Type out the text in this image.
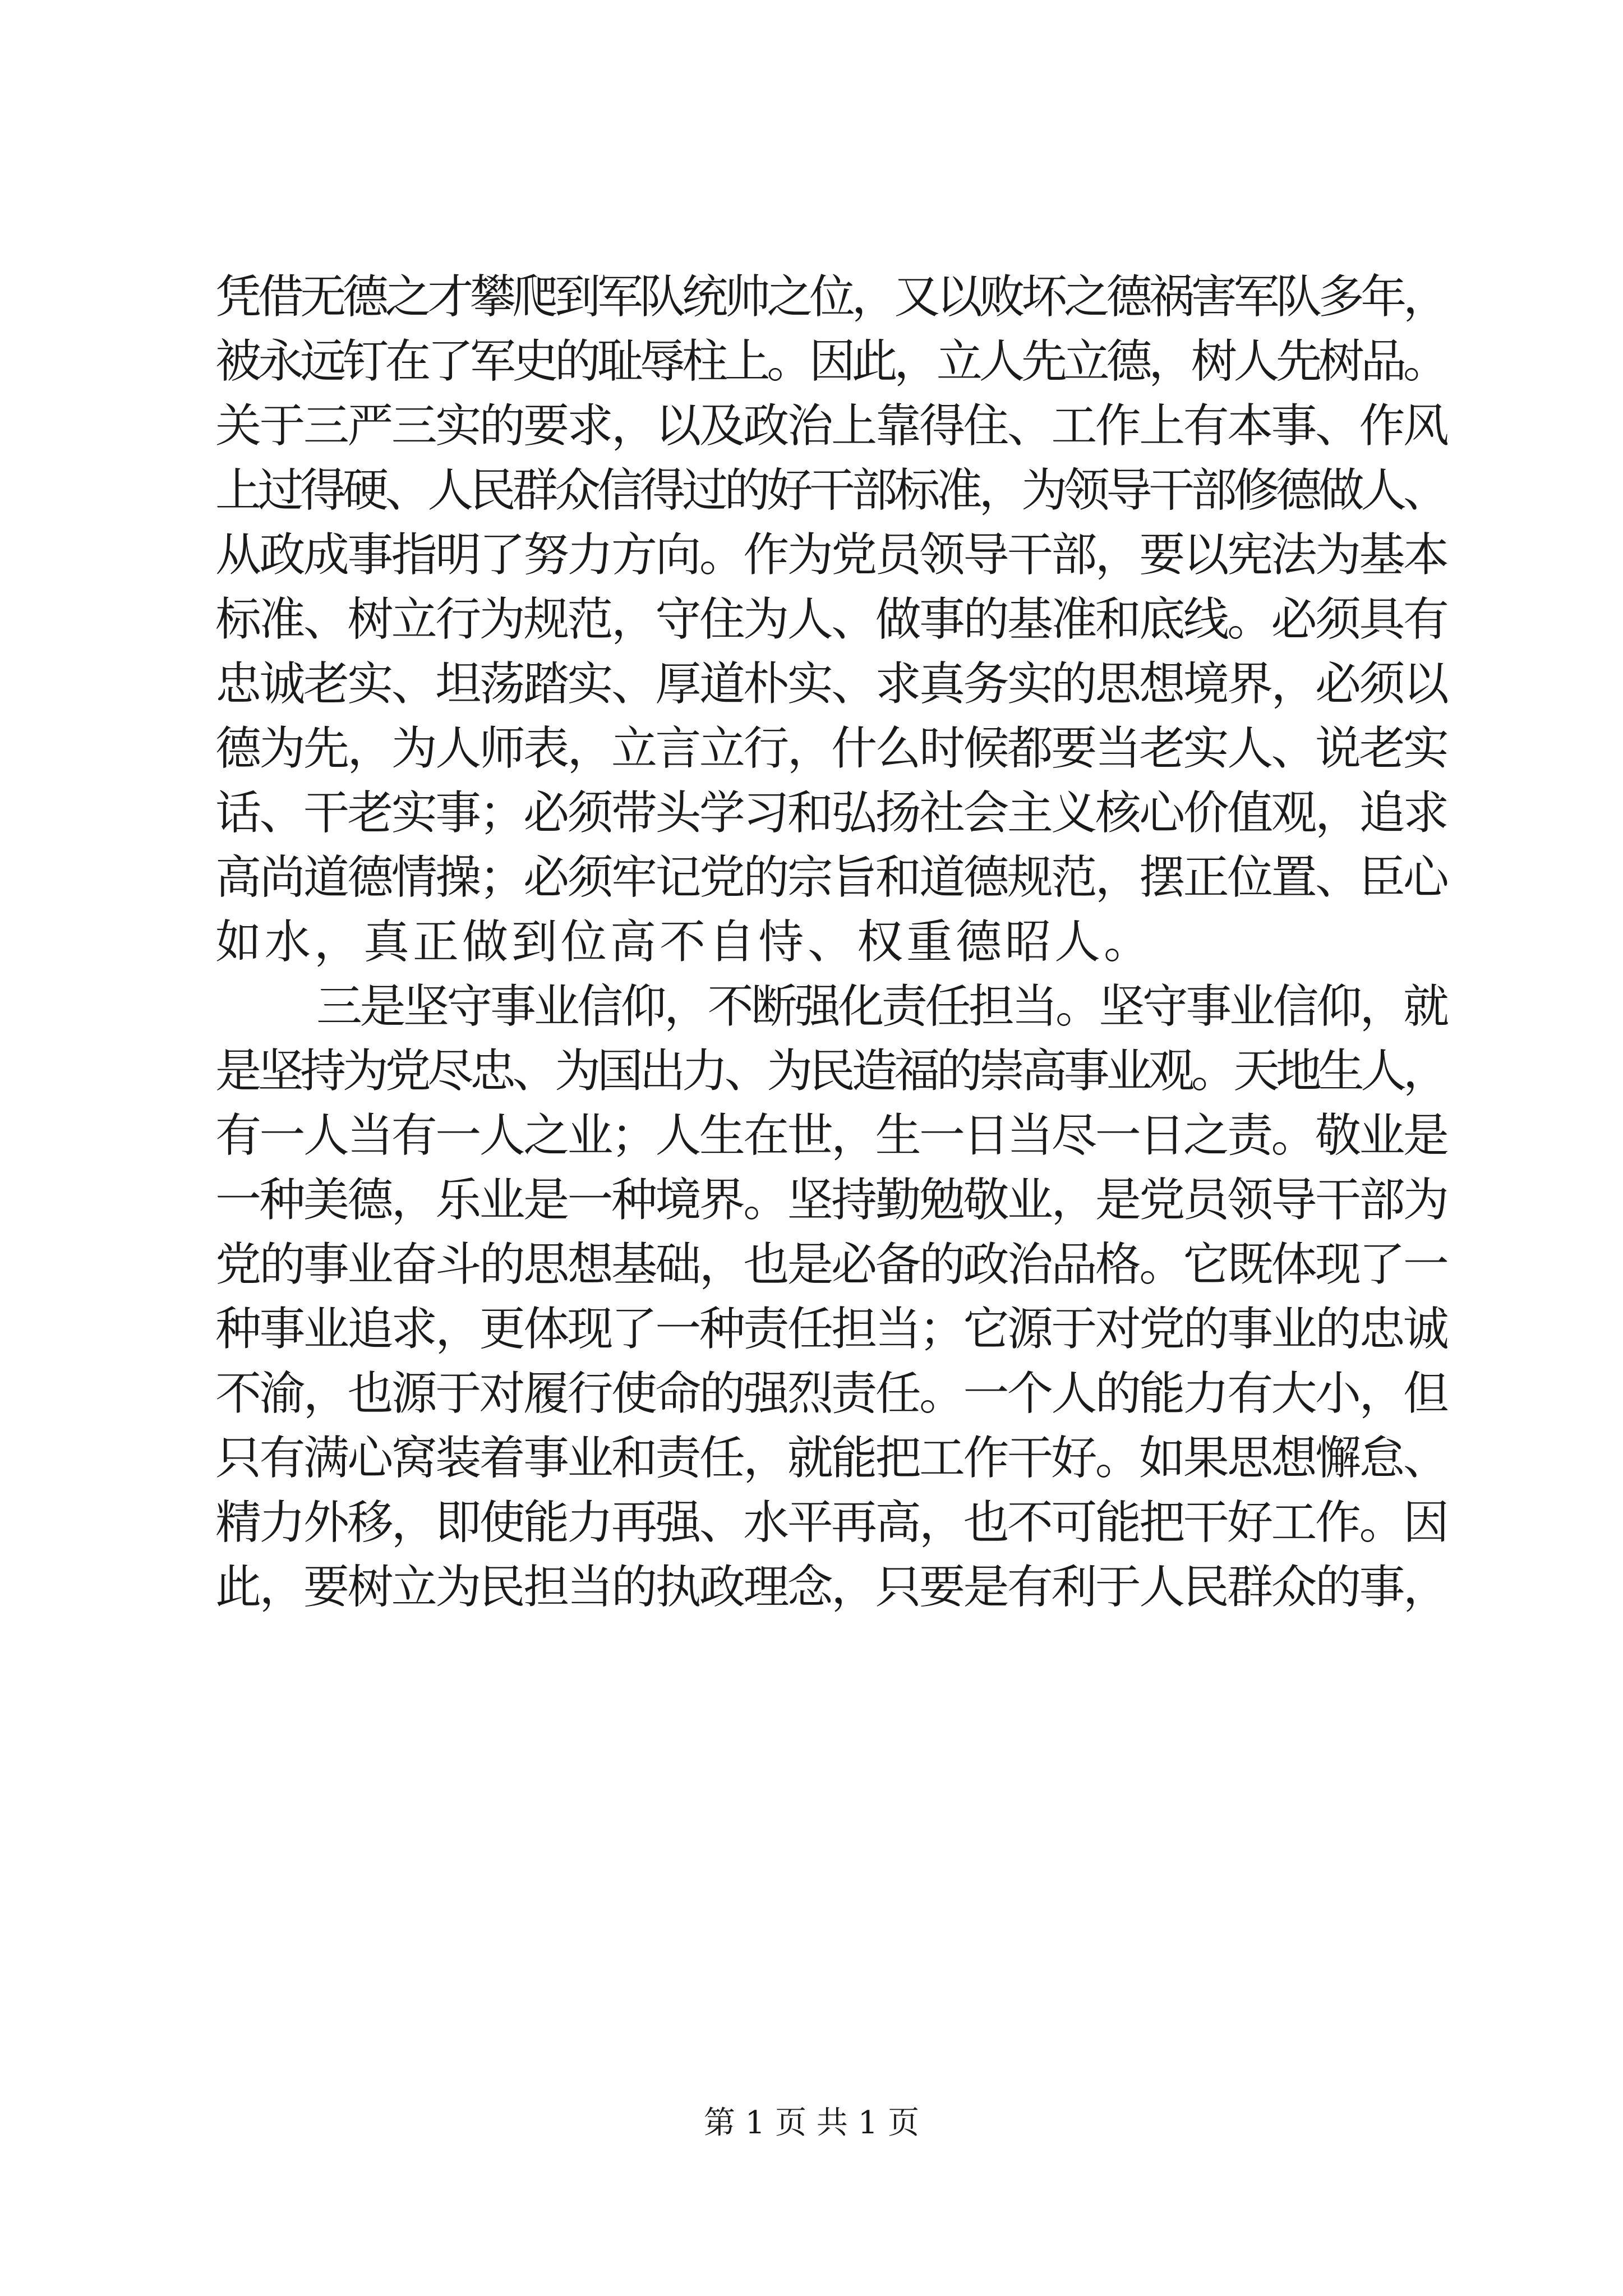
凭借无德之才攀爬到军队统帅之位，又以败坏之德祸害军队多年，
被永远钉在了军史的耻辱柱上。因此，立人先立德，树人先树品。
关于三严三实的要求，以及政治上靠得住、工作上有本事、作风
上过得硬、人民群众信得过的好干部标准，为领导干部修德做人、
从政成事指明了努力方向。作为党员领导干部，要以宪法为基本
标准、树立行为规范，守住为人、做事的基准和底线。必须具有
忠诚老实、坦荡踏实、厚道朴实、求真务实的思想境界，必须以
德为先，为人师表，立言立行，什么时候都要当老实人、说老实
话、干老实事；必须带头学习和弘扬社会主义核心价值观，追求
高尚道德情操；必须牢记党的宗旨和道德规范，摆正位置、臣心
如水，真正做到位高不自恃、权重德昭人。
三是坚守事业信仰，不断强化责任担当。坚守事业信仰，就
是坚持为党尽忠、为国出力、为民造福的崇高事业观。天地生人，
有一人当有一人之业；人生在世，生一日当尽一日之责。敬业是
一种美德，乐业是一种境界。坚持勤勉敬业，是党员领导干部为
党的事业奋斗的思想基础，也是必备的政治品格。它既体现了一
种事业追求，更体现了一种责任担当；它源于对党的事业的忠诚
不渝，也源于对履行使命的强烈责任。一个人的能力有大小，但
只有满心窝装着事业和责任，就能把工作干好。如果思想懈怠、
精力外移，即使能力再强、水平再高，也不可能把干好工作。因
此，要树立为民担当的执政理念，只要是有利于人民群众的事，
第 1 页 共 1 页
